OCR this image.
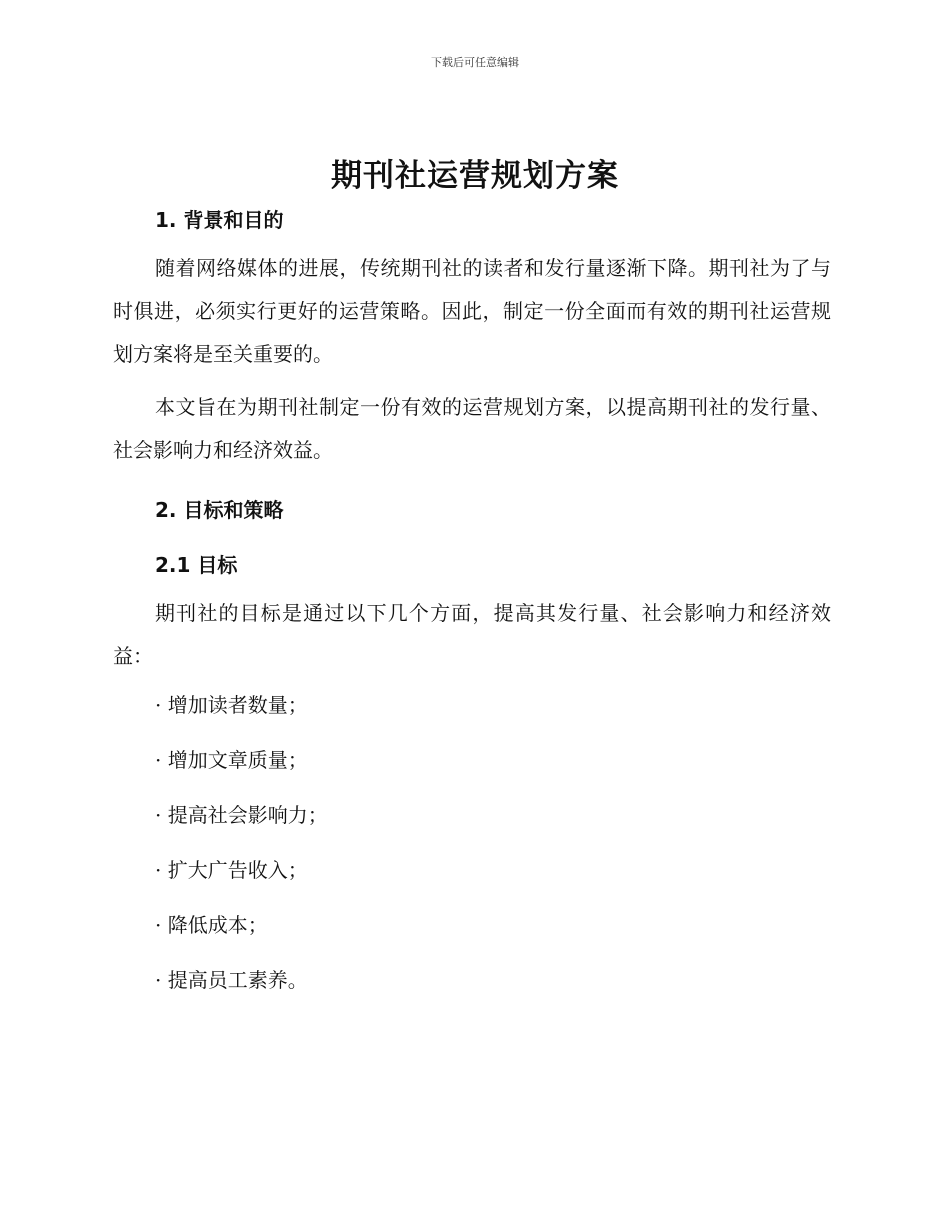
下载后可任意编辑
期刊社运营规划方案

1. 背景和目的

随着网络媒体的进展，传统期刊社的读者和发行量逐渐下降。期刊社为了与时俱进，必须实行更好的运营策略。因此，制定一份全面而有效的期刊社运营规划方案将是至关重要的。

本文旨在为期刊社制定一份有效的运营规划方案，以提高期刊社的发行量、社会影响力和经济效益。

2. 目标和策略

2.1 目标

期刊社的目标是通过以下几个方面，提高其发行量、社会影响力和经济效益：

· 增加读者数量；

· 增加文章质量；

· 提高社会影响力；

· 扩大广告收入；

· 降低成本；

· 提高员工素养。
